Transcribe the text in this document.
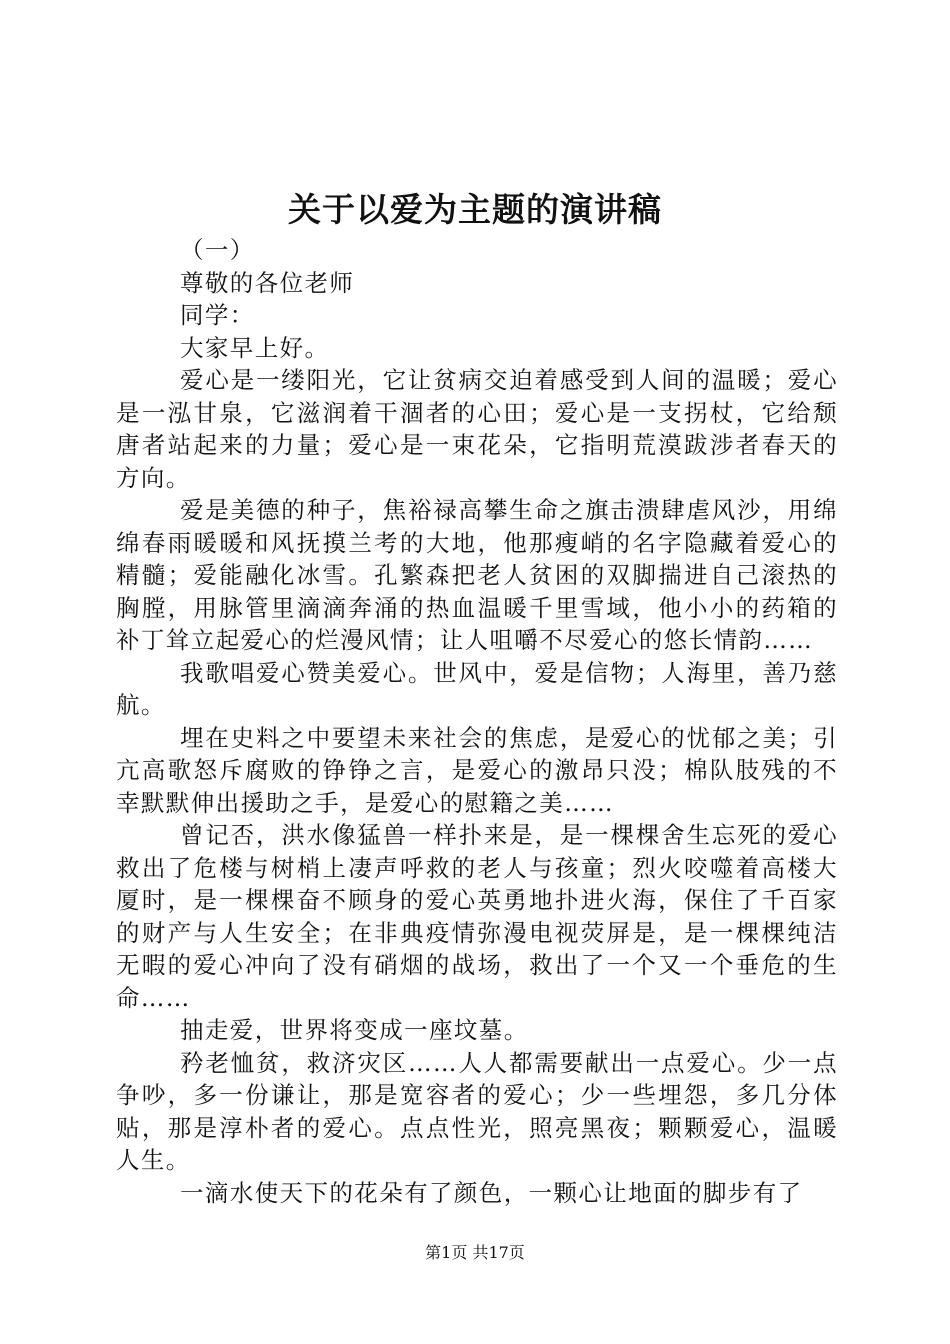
关于以爱为主题的演讲稿

（一）

尊敬的各位老师

同学：

大家早上好。

爱心是一缕阳光，它让贫病交迫着感受到人间的温暖；爱心是一泓甘泉，它滋润着干涸者的心田；爱心是一支拐杖，它给颓唐者站起来的力量；爱心是一束花朵，它指明荒漠跋涉者春天的方向。

爱是美德的种子，焦裕禄高攀生命之旗击溃肆虐风沙，用绵绵春雨暖暖和风抚摸兰考的大地，他那瘦峭的名字隐藏着爱心的精髓；爱能融化冰雪。孔繁森把老人贫困的双脚揣进自己滚热的胸膛，用脉管里滴滴奔涌的热血温暖千里雪域，他小小的药箱的补丁耸立起爱心的烂漫风情；让人咀嚼不尽爱心的悠长情韵……

我歌唱爱心赞美爱心。世风中，爱是信物；人海里，善乃慈航。

埋在史料之中要望未来社会的焦虑，是爱心的忧郁之美；引亢高歌怒斥腐败的铮铮之言，是爱心的激昂只没；棉队肢残的不幸默默伸出援助之手，是爱心的慰籍之美……

曾记否，洪水像猛兽一样扑来是，是一棵棵舍生忘死的爱心救出了危楼与树梢上凄声呼救的老人与孩童；烈火咬噬着高楼大厦时，是一棵棵奋不顾身的爱心英勇地扑进火海，保住了千百家的财产与人生安全；在非典疫情弥漫电视荧屏是，是一棵棵纯洁无暇的爱心冲向了没有硝烟的战场，救出了一个又一个垂危的生命……

抽走爱，世界将变成一座坟墓。

矜老恤贫，救济灾区……人人都需要献出一点爱心。少一点争吵，多一份谦让，那是宽容者的爱心；少一些埋怨，多几分体贴，那是淳朴者的爱心。点点性光，照亮黑夜；颗颗爱心，温暖人生。

一滴水使天下的花朵有了颜色，一颗心让地面的脚步有了

第1页 共17页
